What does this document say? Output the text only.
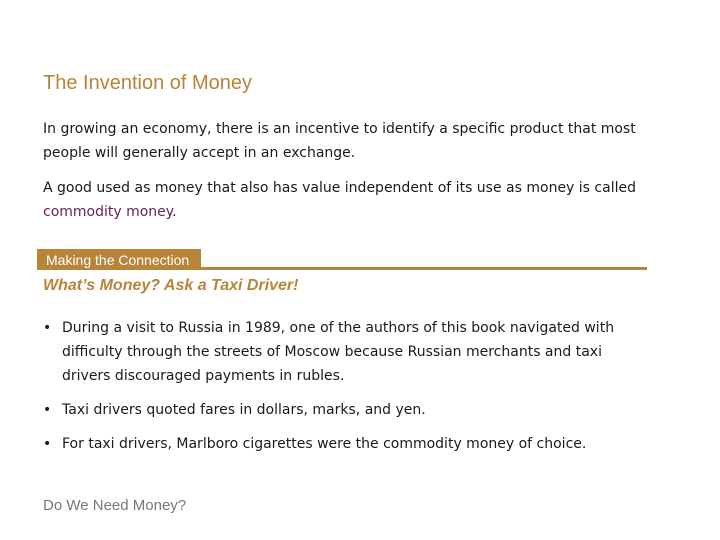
The Invention of Money

In growing an economy, there is an incentive to identify a specific product that most people will generally accept in an exchange.

A good used as money that also has value independent of its use as money is called commodity money.

Making the Connection
What’s Money? Ask a Taxi Driver!
• During a visit to Russia in 1989, one of the authors of this book navigated with difficulty through the streets of Moscow because Russian merchants and taxi drivers discouraged payments in rubles.
• Taxi drivers quoted fares in dollars, marks, and yen.
• For taxi drivers, Marlboro cigarettes were the commodity money of choice.

Do We Need Money?
